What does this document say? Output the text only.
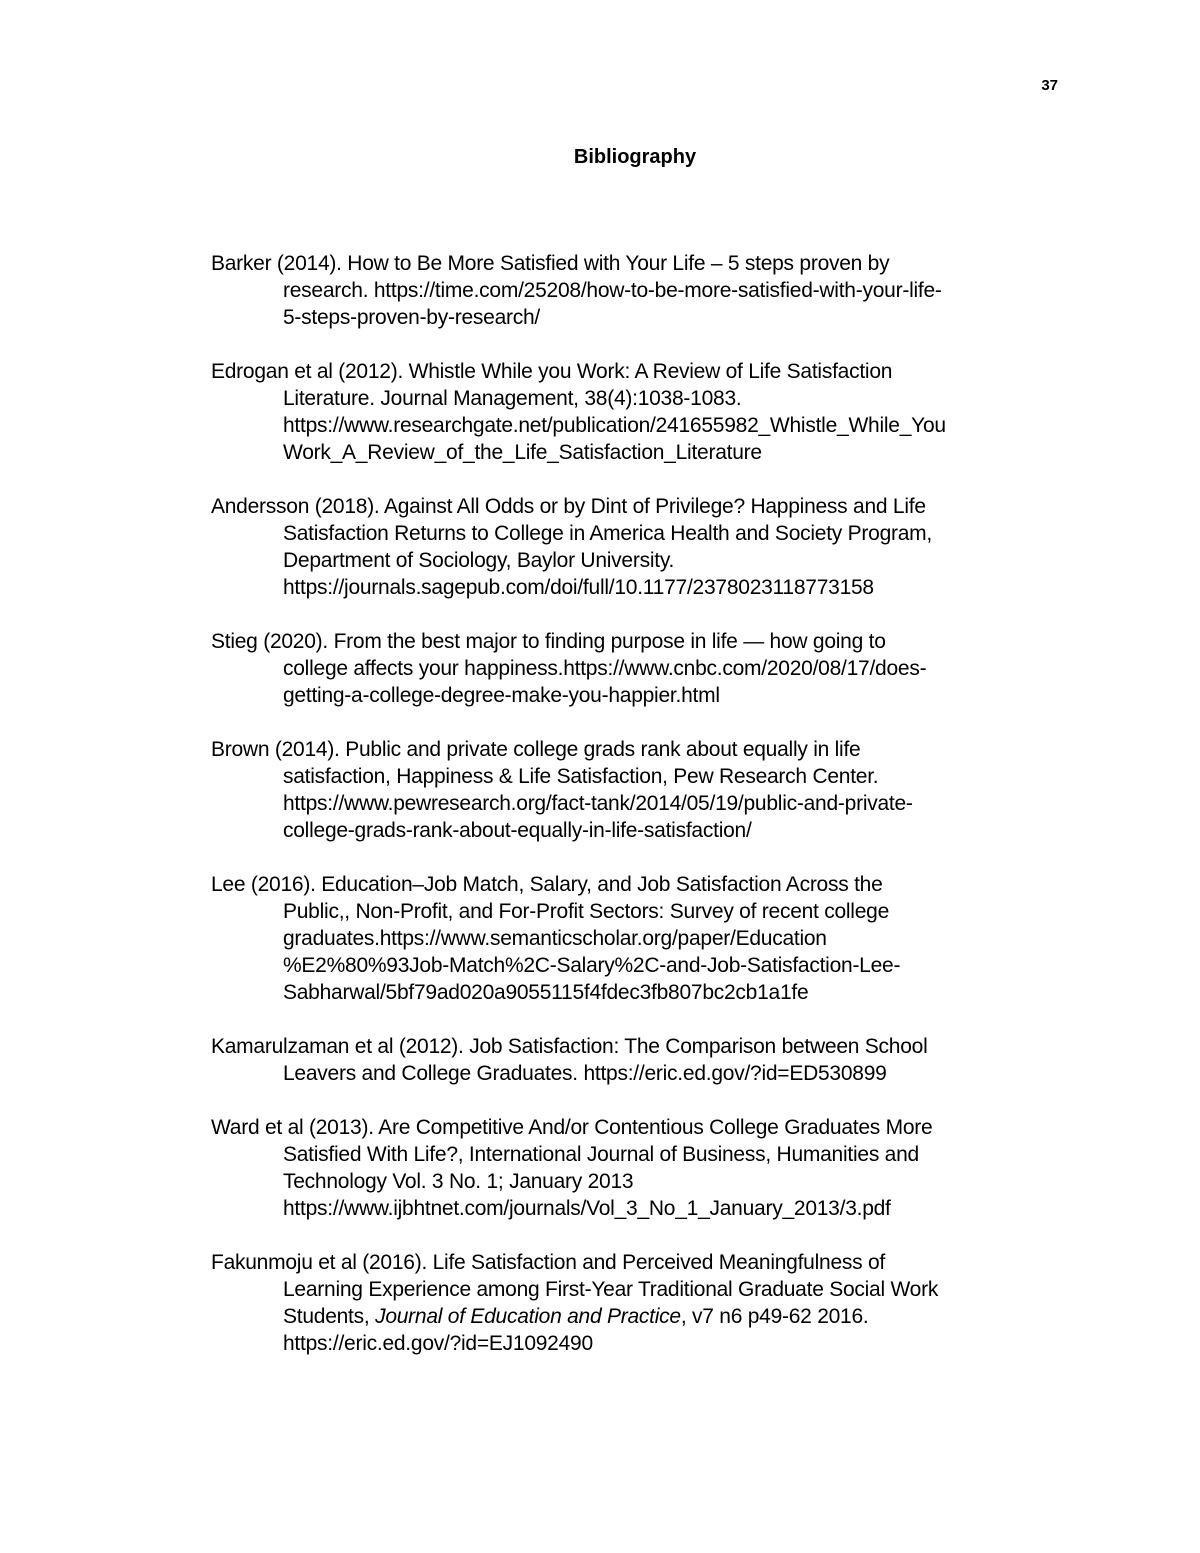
37
Bibliography
Barker (2014). How to Be More Satisfied with Your Life – 5 steps proven by
research. https://time.com/25208/how-to-be-more-satisfied-with-your-life-
5-steps-proven-by-research/
Edrogan et al (2012). Whistle While you Work: A Review of Life Satisfaction
Literature. Journal Management, 38(4):1038-1083.
https://www.researchgate.net/publication/241655982_Whistle_While_You
Work_A_Review_of_the_Life_Satisfaction_Literature
Andersson (2018). Against All Odds or by Dint of Privilege? Happiness and Life
Satisfaction Returns to College in America Health and Society Program,
Department of Sociology, Baylor University.
https://journals.sagepub.com/doi/full/10.1177/2378023118773158
Stieg (2020). From the best major to finding purpose in life — how going to
college affects your happiness.https://www.cnbc.com/2020/08/17/does-
getting-a-college-degree-make-you-happier.html
Brown (2014). Public and private college grads rank about equally in life
satisfaction, Happiness & Life Satisfaction, Pew Research Center.
https://www.pewresearch.org/fact-tank/2014/05/19/public-and-private-
college-grads-rank-about-equally-in-life-satisfaction/
Lee (2016). Education–Job Match, Salary, and Job Satisfaction Across the
Public,, Non-Profit, and For-Profit Sectors: Survey of recent college
graduates.https://www.semanticscholar.org/paper/Education
%E2%80%93Job-Match%2C-Salary%2C-and-Job-Satisfaction-Lee-
Sabharwal/5bf79ad020a9055115f4fdec3fb807bc2cb1a1fe
Kamarulzaman et al (2012). Job Satisfaction: The Comparison between School
Leavers and College Graduates. https://eric.ed.gov/?id=ED530899
Ward et al (2013). Are Competitive And/or Contentious College Graduates More
Satisfied With Life?, International Journal of Business, Humanities and
Technology Vol. 3 No. 1; January 2013
https://www.ijbhtnet.com/journals/Vol_3_No_1_January_2013/3.pdf
Fakunmoju et al (2016). Life Satisfaction and Perceived Meaningfulness of
Learning Experience among First-Year Traditional Graduate Social Work
Students, Journal of Education and Practice, v7 n6 p49-62 2016.
https://eric.ed.gov/?id=EJ1092490
